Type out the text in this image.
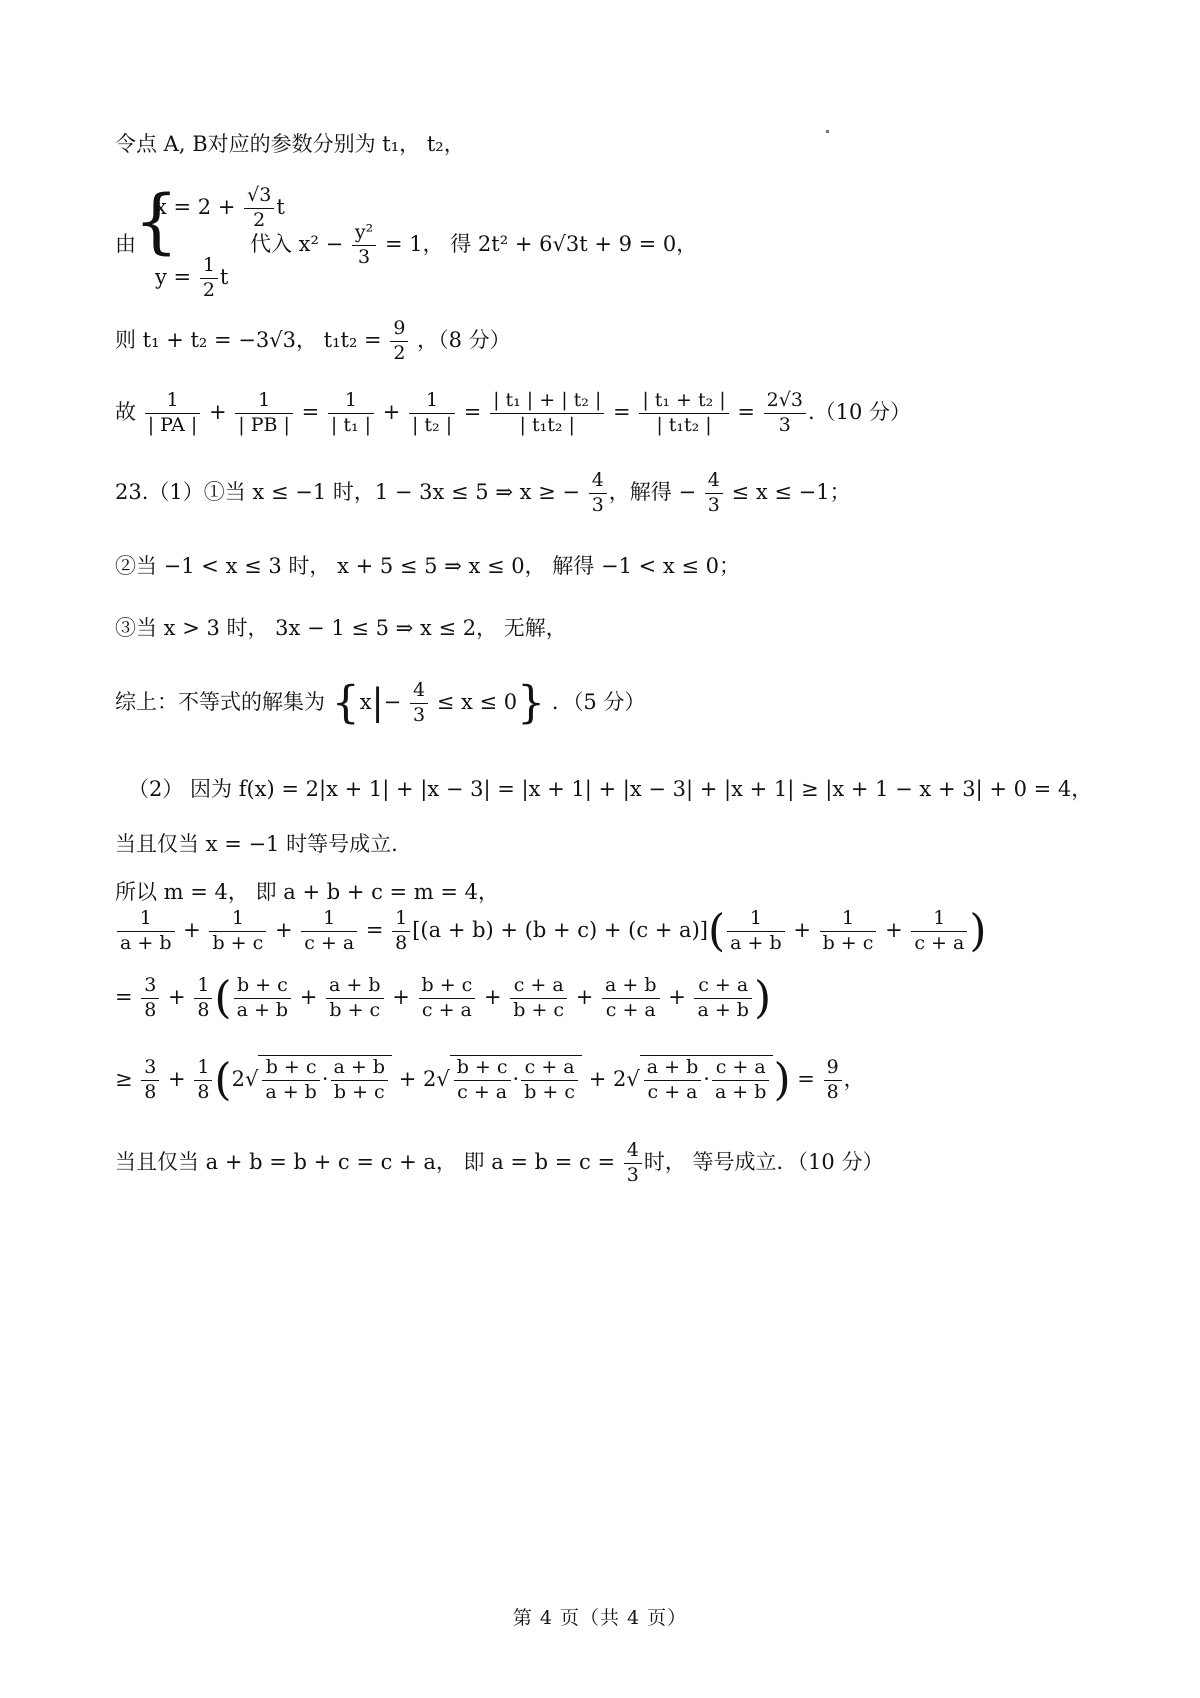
令点 A, B对应的参数分别为 t₁， t₂，
由
{
$x = 2 + \frac{√3}{2}$ t
$y = \frac{1}{2}$ t
代入 $x^2 - \frac{\text{y²}}{3} = 1$， 得 2t² + 6√3t + 9 = 0，
则 t₁ + t₂ = −3√3， $t_1t_2 = \frac{9}{2}$ ，（8 分）
故 $\frac{1}{| PA |} + \frac{1}{| PB |} = \frac{1}{\text{| t₁ |}} + \frac{1}{\text{| t₂ |}} = \frac{\text{| t₁ | + | t₂ |}}{\text{| t₁t₂ |}} = \frac{\text{| t₁ + t₂ |}}{\text{| t₁t₂ |}} = \frac{2√3}{3} .(10$ 分）
23.（1）①当 x ≤ −1 时，1 − 3x ≤ 5 ⇒ x ≥ − $\frac{4}{3}$ ，解得 − $\frac{4}{3} \le x \le -1$；
②当 −1 < x ≤ 3 时， x + 5 ≤ 5 ⇒ x ≤ 0， 解得 −1 < x ≤ 0；
③当 x > 3 时， 3x − 1 ≤ 5 ⇒ x ≤ 2， 无解，
综上：不等式的解集为 $\{x|- \frac{4}{3} \le x \le 0\}$ ．（5 分）
（2） 因为 f(x) = 2|x + 1| + |x − 3| = |x + 1| + |x − 3| + |x + 1| ≥ |x + 1 − x + 3| + 0 = 4，
当且仅当 x = −1 时等号成立.
所以 m = 4， 即 a + b + c = m = 4，
$\frac{1}{a + b} + \frac{1}{b + c} + \frac{1}{c + a} = \frac{1}{8} [(a + b) + (b + c) + (c + a)]( \frac{1}{a + b} + \frac{1}{b + c} + \frac{1}{c + a}$ )
= $\frac{3}{8} + \frac{1}{8}$ ( $\frac{b + c}{a + b} + \frac{a + b}{b + c} + \frac{b + c}{c + a} + \frac{c + a}{b + c} + \frac{a + b}{c + a} + \frac{c + a}{a + b}$ )
≥ $\frac{3}{8} + \frac{1}{8} (2√ \frac{b + c}{a + b} \cdot \frac{a + b}{b + c} + 2√ \frac{b + c}{c + a} \cdot \frac{c + a}{b + c} + 2√ \frac{a + b}{c + a} \cdot \frac{c + a}{a + b}$ ) = $\frac{9}{8}$ ，
当且仅当 a + b = b + c = c + a， 即 $a = b = c = \frac{4}{3}$ 时， 等号成立．（10 分）
第 4 页（共 4 页）
